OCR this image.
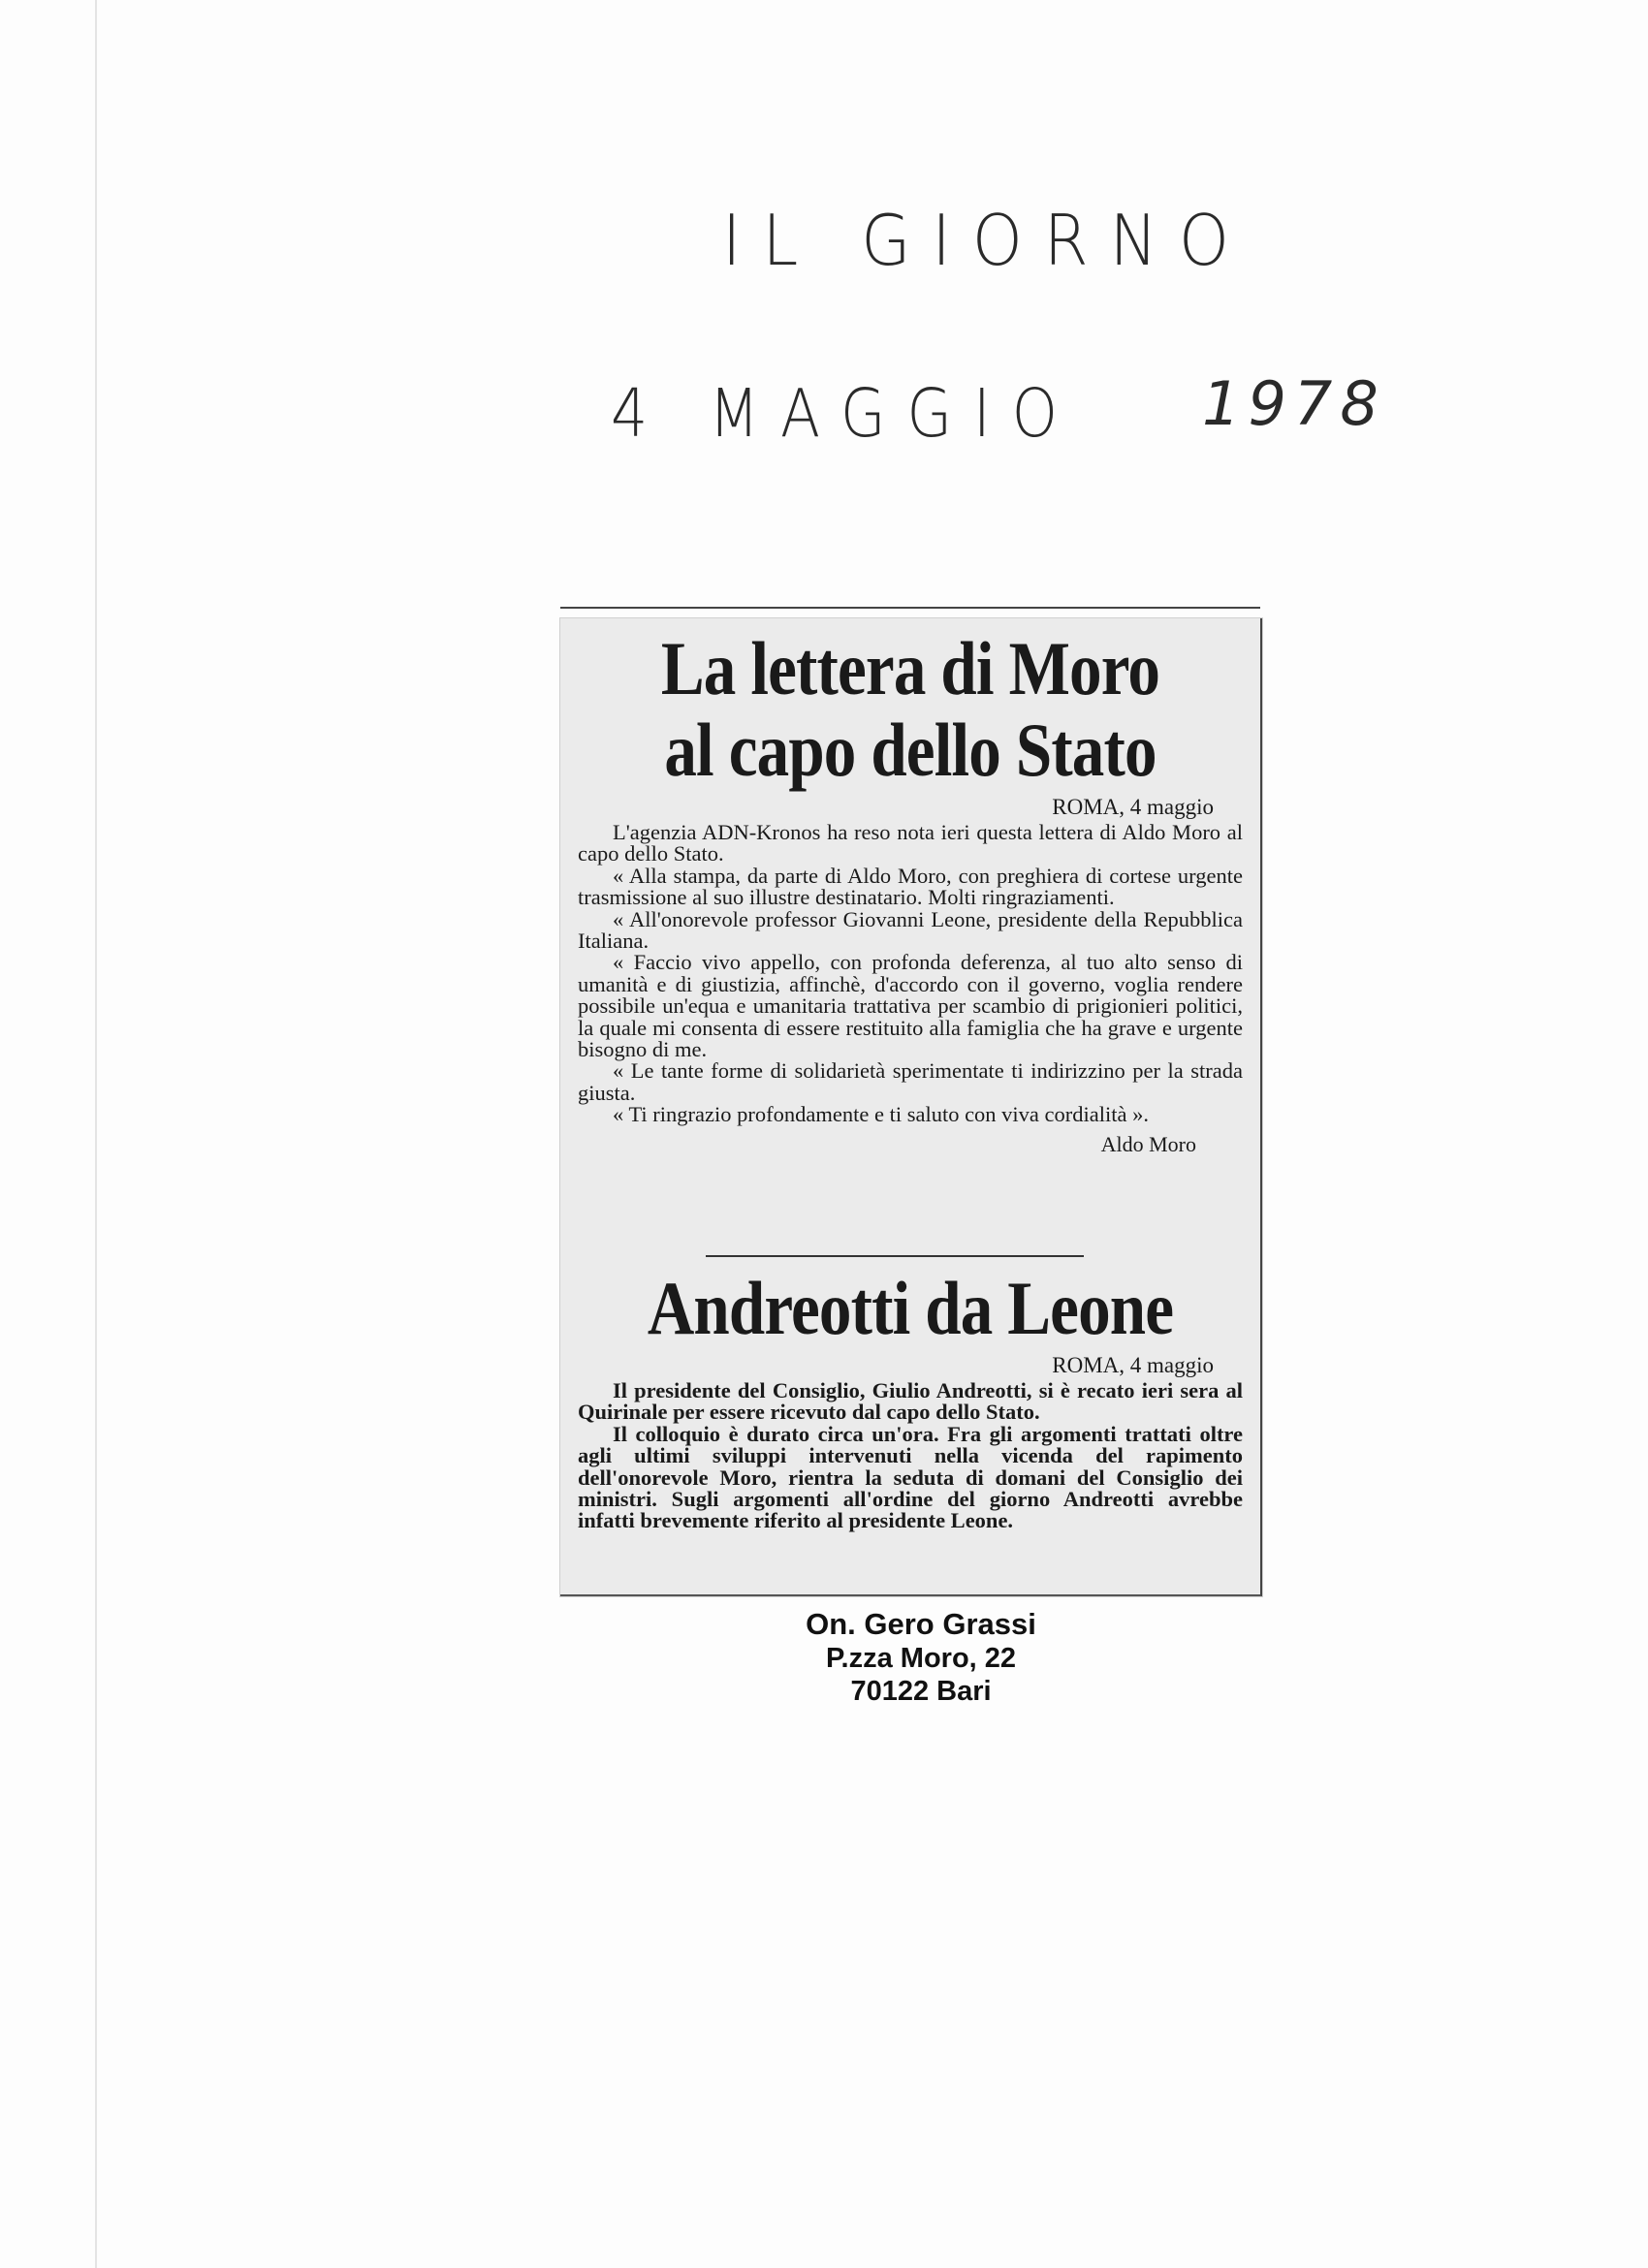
IL GIORNO
4 MAGGIO 1978
La lettera di Moro
al capo dello Stato
ROMA, 4 maggio

L'agenzia ADN-Kronos ha reso nota ieri questa lettera di Aldo Moro al capo dello Stato.

« Alla stampa, da parte di Aldo Moro, con preghiera di cortese urgente trasmissione al suo illustre destinatario. Molti ringraziamenti.

« All'onorevole professor Giovanni Leone, presidente della Repubblica Italiana.

« Faccio vivo appello, con profonda deferenza, al tuo alto senso di umanità e di giustizia, affinchè, d'accordo con il governo, voglia rendere possibile un'equa e umanitaria trattativa per scambio di prigionieri politici, la quale mi consenta di essere restituito alla famiglia che ha grave e urgente bisogno di me.

« Le tante forme di solidarietà sperimentate ti indirizzino per la strada giusta.

« Ti ringrazio profondamente e ti saluto con viva cordialità ».

Aldo Moro
Andreotti da Leone
ROMA, 4 maggio

Il presidente del Consiglio, Giulio Andreotti, si è recato ieri sera al Quirinale per essere ricevuto dal capo dello Stato.

Il colloquio è durato circa un'ora. Fra gli argomenti trattati oltre agli ultimi sviluppi intervenuti nella vicenda del rapimento dell'onorevole Moro, rientra la seduta di domani del Consiglio dei ministri. Sugli argomenti all'ordine del giorno Andreotti avrebbe infatti brevemente riferito al presidente Leone.

On. Gero Grassi
P.zza Moro, 22
70122 Bari
